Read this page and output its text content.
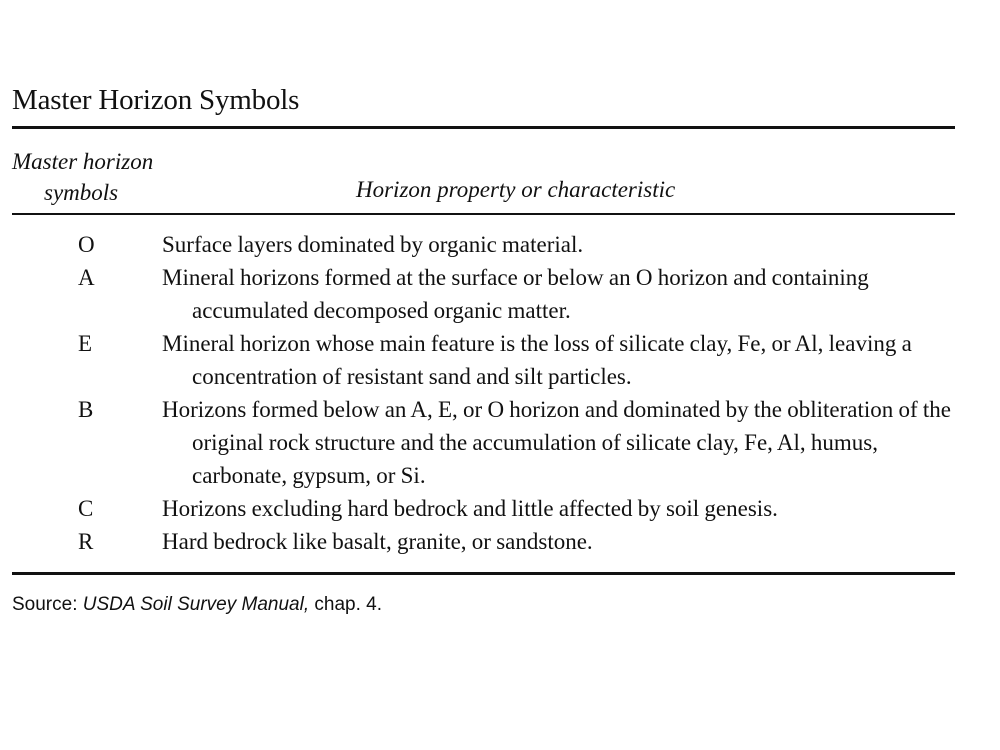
Master Horizon Symbols
Master horizon
symbols	Horizon property or characteristic
O	Surface layers dominated by organic material.
A	Mineral horizons formed at the surface or below an O horizon and containing accumulated decomposed organic matter.
E	Mineral horizon whose main feature is the loss of silicate clay, Fe, or Al, leaving a concentration of resistant sand and silt particles.
B	Horizons formed below an A, E, or O horizon and dominated by the obliteration of the original rock structure and the accumulation of silicate clay, Fe, Al, humus, carbonate, gypsum, or Si.
C	Horizons excluding hard bedrock and little affected by soil genesis.
R	Hard bedrock like basalt, granite, or sandstone.
Source: USDA Soil Survey Manual, chap. 4.
